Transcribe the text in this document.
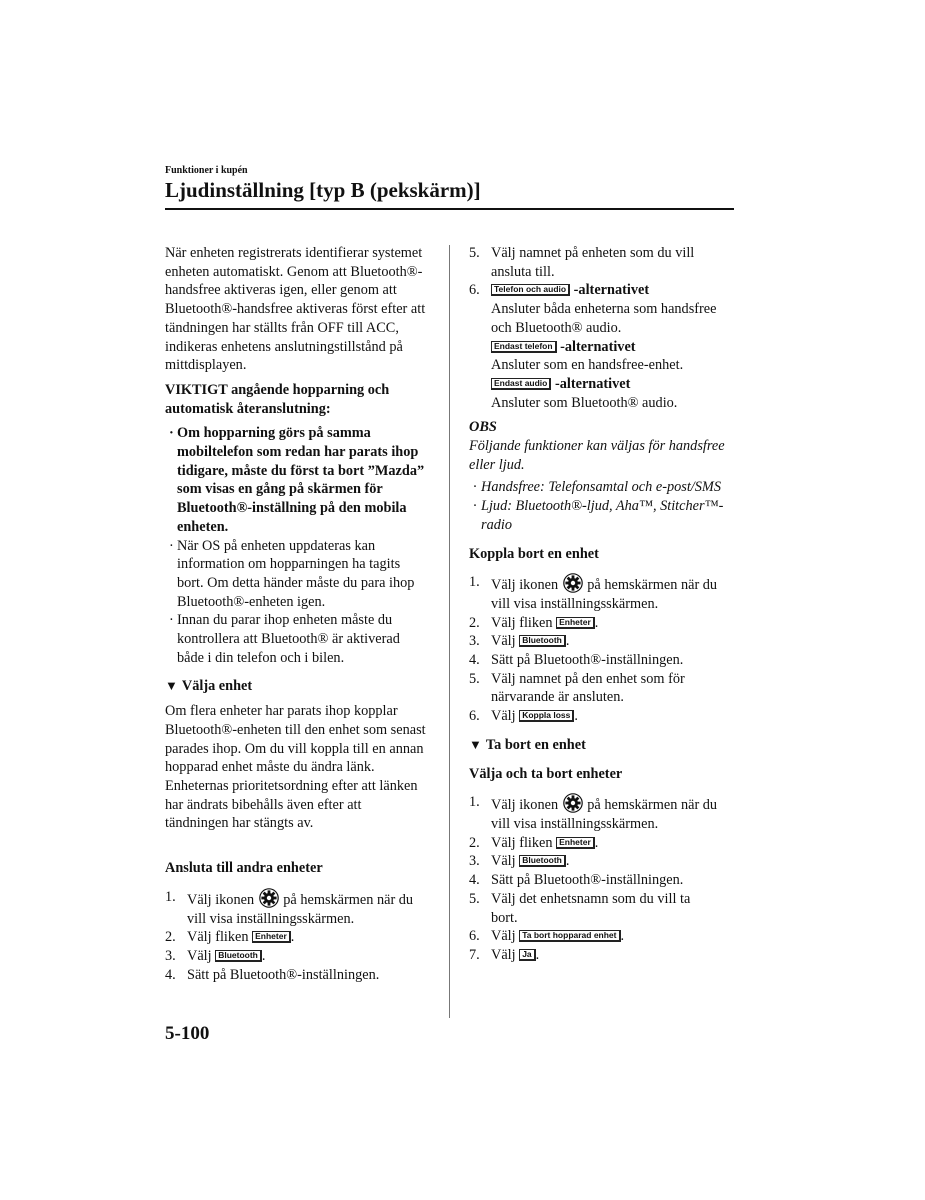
Funktioner i kupén
Ljudinställning [typ B (pekskärm)]

När enheten registrerats identifierar systemet enheten automatiskt. Genom att Bluetooth®-handsfree aktiveras igen, eller genom att Bluetooth®-handsfree aktiveras först efter att tändningen har ställts från OFF till ACC, indikeras enhetens anslutningstillstånd på mittdisplayen.

VIKTIGT angående hopparning och automatisk återanslutning:

· Om hopparning görs på samma mobiltelefon som redan har parats ihop tidigare, måste du först ta bort ”Mazda” som visas en gång på skärmen för Bluetooth®-inställning på den mobila enheten.
· När OS på enheten uppdateras kan information om hopparningen ha tagits bort. Om detta händer måste du para ihop Bluetooth®-enheten igen.
· Innan du parar ihop enheten måste du kontrollera att Bluetooth® är aktiverad både i din telefon och i bilen.
▼ Välja enhet

Om flera enheter har parats ihop kopplar Bluetooth®-enheten till den enhet som senast parades ihop. Om du vill koppla till en annan hopparad enhet måste du ändra länk. Enheternas prioritetsordning efter att länken har ändrats bibehålls även efter att tändningen har stängts av.

Ansluta till andra enheter
1. Välj ikonen på hemskärmen när du
vill visa inställningsskärmen.
2. Välj fliken Enheter .
3. Välj Bluetooth .
4. Sätt på Bluetooth®-inställningen.
5. Välj namnet på enheten som du vill
ansluta till.
6. Telefon och audio -alternativet
Ansluter båda enheterna som handsfree och Bluetooth® audio.
Endast telefon -alternativet
Ansluter som en handsfree-enhet.
Endast audio -alternativet
Ansluter som Bluetooth® audio.
OBS
Följande funktioner kan väljas för handsfree eller ljud.
· Handsfree: Telefonsamtal och e-post/SMS
· Ljud: Bluetooth®-ljud, Aha™, Stitcher™-radio
Koppla bort en enhet
1. Välj ikonen på hemskärmen när du
vill visa inställningsskärmen.
2. Välj fliken Enheter .
3. Välj Bluetooth .
4. Sätt på Bluetooth®-inställningen.
5. Välj namnet på den enhet som för
närvarande är ansluten.
6. Välj Koppla loss .
▼ Ta bort en enhet
Välja och ta bort enheter
1. Välj ikonen på hemskärmen när du
vill visa inställningsskärmen.
2. Välj fliken Enheter .
3. Välj Bluetooth .
4. Sätt på Bluetooth®-inställningen.
5. Välj det enhetsnamn som du vill ta
bort.
6. Välj Ta bort hopparad enhet .
7. Välj Ja .
5-100
